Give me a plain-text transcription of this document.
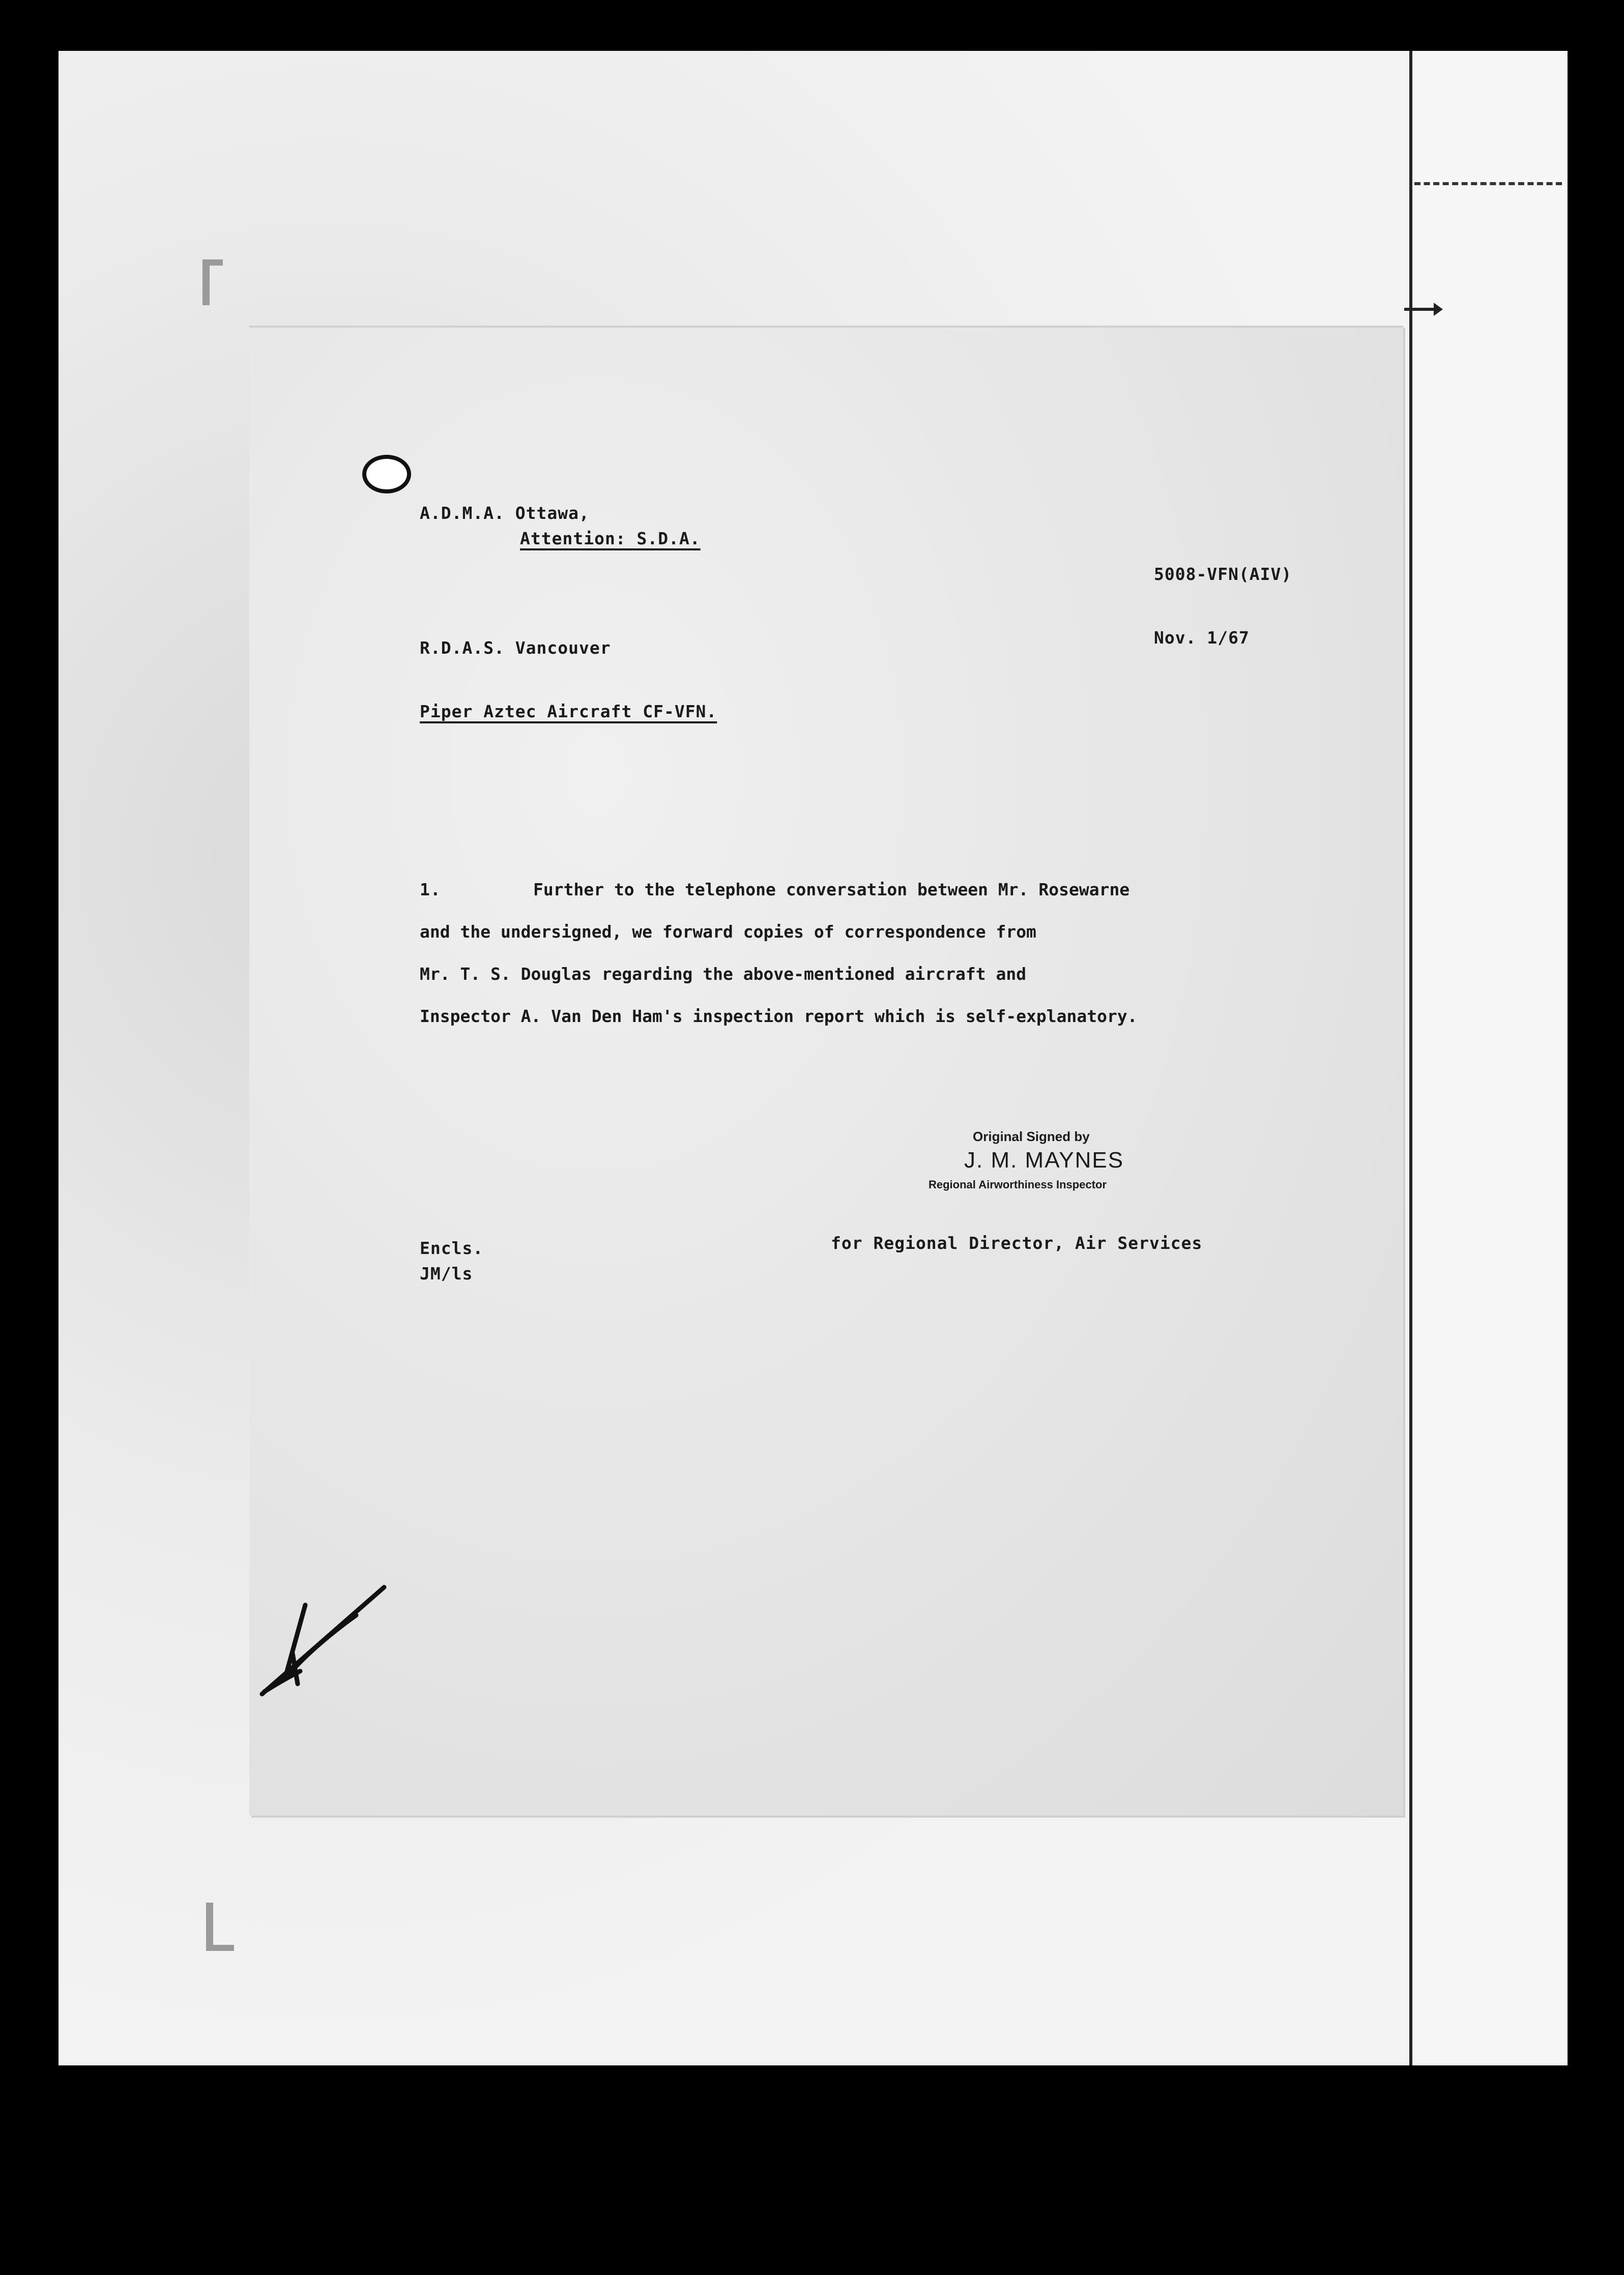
A.D.M.A. Ottawa,
Attention: S.D.A.
5008-VFN(AIV)
Nov. 1/67
R.D.A.S. Vancouver
Piper Aztec Aircraft CF-VFN.
1.	Further to the telephone conversation between Mr. Rosewarne
and the undersigned, we forward copies of correspondence from
Mr. T. S. Douglas regarding the above-mentioned aircraft and
Inspector A. Van Den Ham's inspection report which is self-explanatory.
Original Signed by
J. M. MAYNES
Regional Airworthiness Inspector
Encls.
JM/ls
for Regional Director, Air Services
